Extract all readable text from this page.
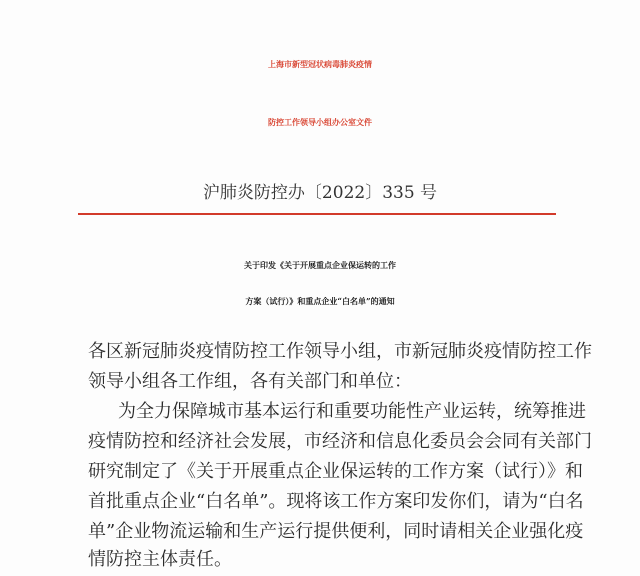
上海市新型冠状病毒肺炎疫情
防控工作领导小组办公室文件
沪肺炎防控办〔2022〕335 号
关于印发《关于开展重点企业保运转的工作
方案（试行）》和重点企业“白名单”的通知
各区新冠肺炎疫情防控工作领导小组，市新冠肺炎疫情防控工作
领导小组各工作组，各有关部门和单位：
为全力保障城市基本运行和重要功能性产业运转，统筹推进
疫情防控和经济社会发展，市经济和信息化委员会会同有关部门
研究制定了《关于开展重点企业保运转的工作方案（试行）》和
首批重点企业“白名单”。现将该工作方案印发你们，请为“白名
单”企业物流运输和生产运行提供便利，同时请相关企业强化疫
情防控主体责任。
